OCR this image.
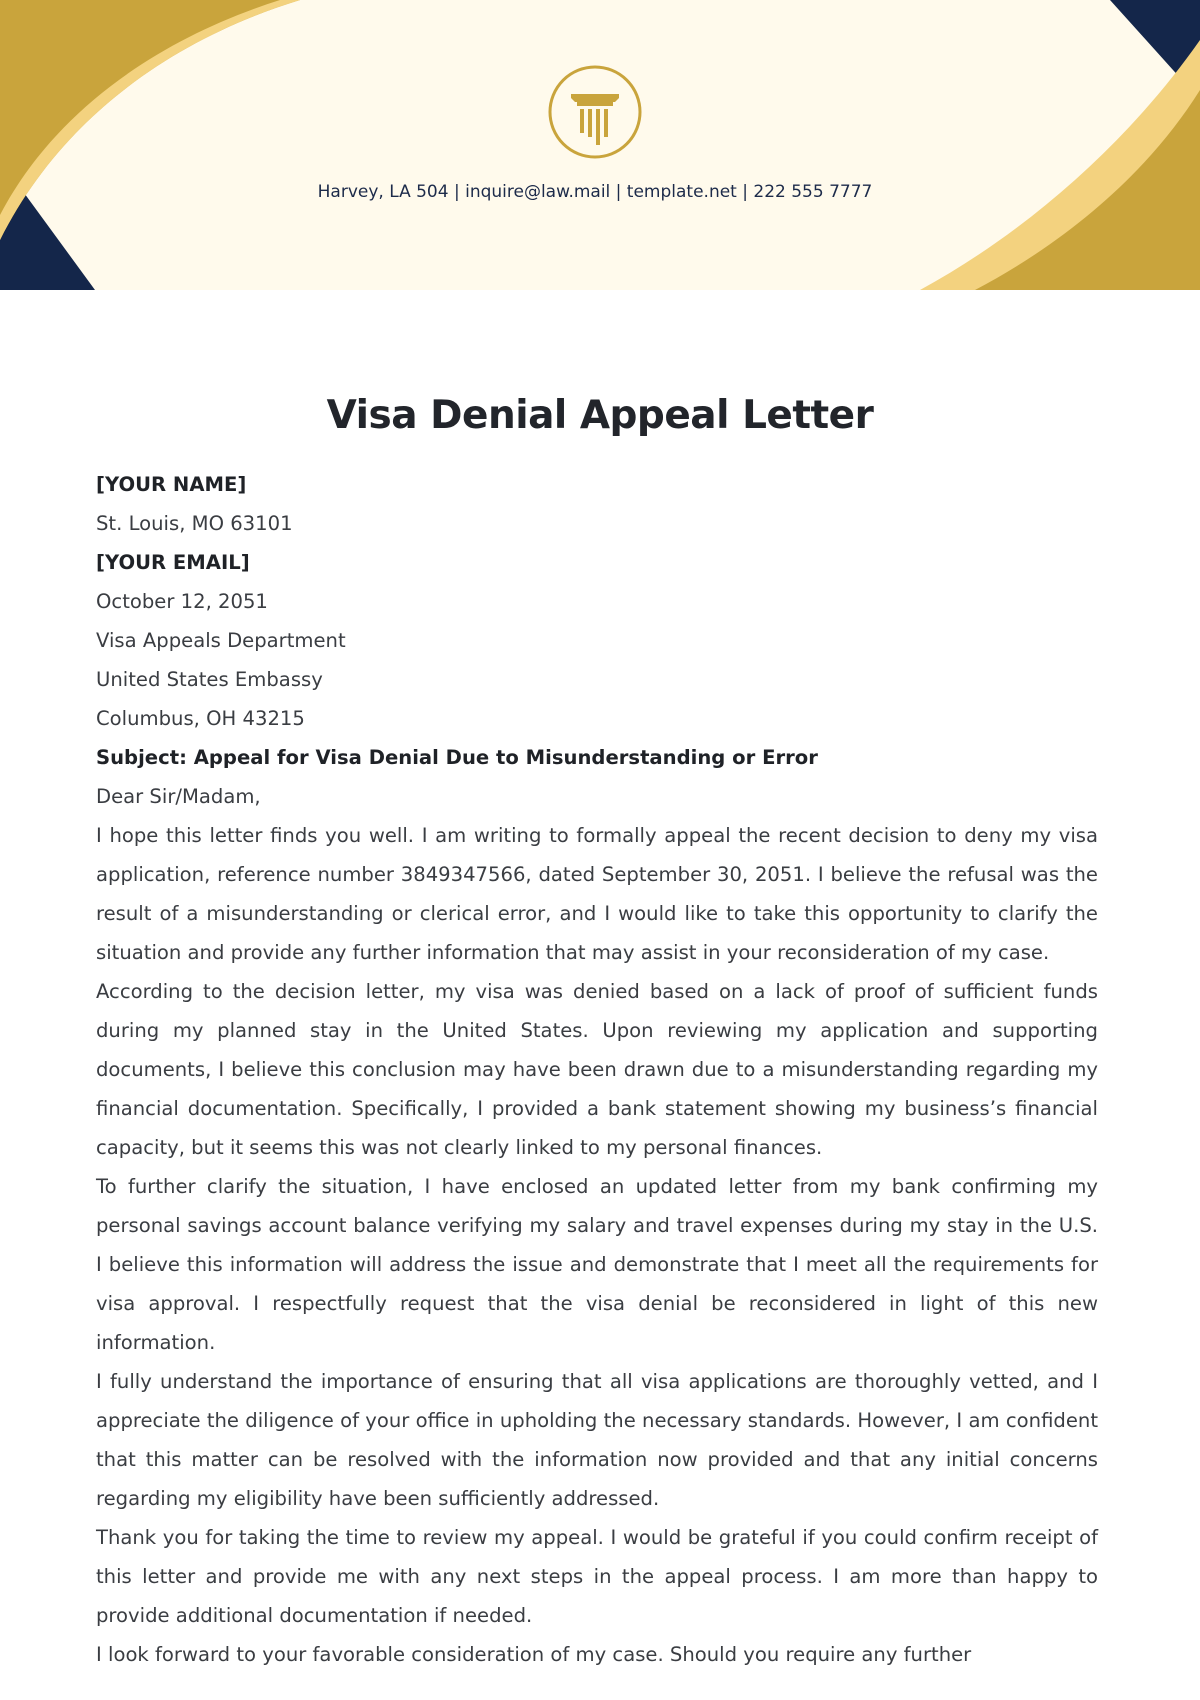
Harvey, LA 504 | inquire@law.mail | template.net | 222 555 7777
Visa Denial Appeal Letter

[YOUR NAME]

St. Louis, MO 63101

[YOUR EMAIL]

October 12, 2051

Visa Appeals Department

United States Embassy

Columbus, OH 43215

Subject: Appeal for Visa Denial Due to Misunderstanding or Error

Dear Sir/Madam,

I hope this letter finds you well. I am writing to formally appeal the recent decision to deny my visa application, reference number 3849347566, dated September 30, 2051. I believe the refusal was the result of a misunderstanding or clerical error, and I would like to take this opportunity to clarify the situation and provide any further information that may assist in your reconsideration of my case.

According to the decision letter, my visa was denied based on a lack of proof of sufficient funds during my planned stay in the United States. Upon reviewing my application and supporting documents, I believe this conclusion may have been drawn due to a misunderstanding regarding my financial documentation. Specifically, I provided a bank statement showing my business’s financial capacity, but it seems this was not clearly linked to my personal finances.

To further clarify the situation, I have enclosed an updated letter from my bank confirming my personal savings account balance verifying my salary and travel expenses during my stay in the U.S. I believe this information will address the issue and demonstrate that I meet all the requirements for visa approval. I respectfully request that the visa denial be reconsidered in light of this new information.

I fully understand the importance of ensuring that all visa applications are thoroughly vetted, and I appreciate the diligence of your office in upholding the necessary standards. However, I am confident that this matter can be resolved with the information now provided and that any initial concerns regarding my eligibility have been sufficiently addressed.

Thank you for taking the time to review my appeal. I would be grateful if you could confirm receipt of this letter and provide me with any next steps in the appeal process. I am more than happy to provide additional documentation if needed.

I look forward to your favorable consideration of my case. Should you require any further
